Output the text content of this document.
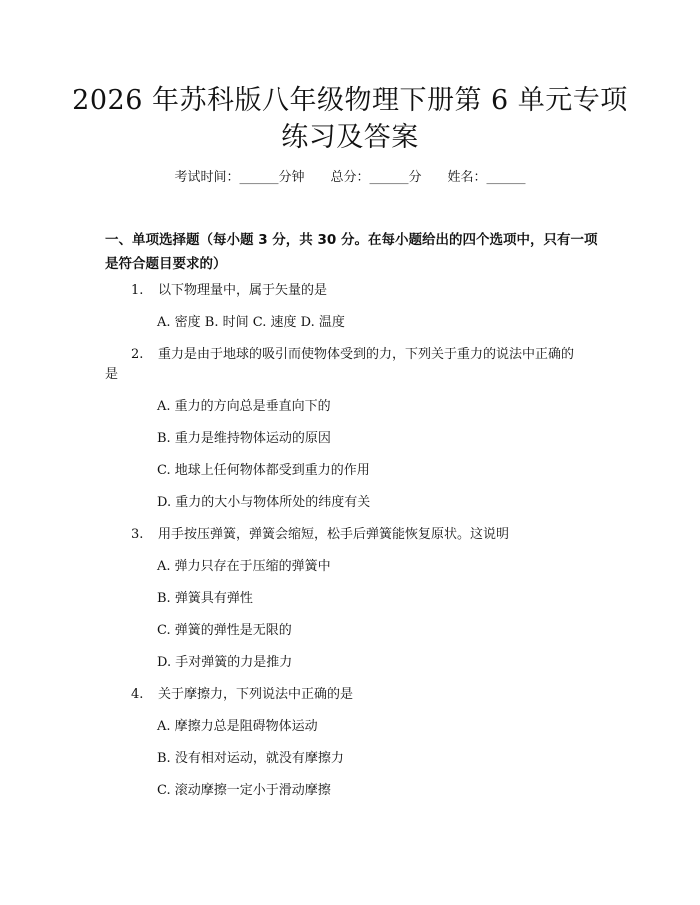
2026 年苏科版八年级物理下册第 6 单元专项
练习及答案
考试时间：______分钟 总分：______分 姓名：______
一、单项选择题（每小题 3 分，共 30 分。在每小题给出的四个选项中，只有一项
是符合题目要求的）
1. 以下物理量中，属于矢量的是
A. 密度 B. 时间 C. 速度 D. 温度
2. 重力是由于地球的吸引而使物体受到的力，下列关于重力的说法中正确的
是
A. 重力的方向总是垂直向下的
B. 重力是维持物体运动的原因
C. 地球上任何物体都受到重力的作用
D. 重力的大小与物体所处的纬度有关
3. 用手按压弹簧，弹簧会缩短，松手后弹簧能恢复原状。这说明
A. 弹力只存在于压缩的弹簧中
B. 弹簧具有弹性
C. 弹簧的弹性是无限的
D. 手对弹簧的力是推力
4. 关于摩擦力，下列说法中正确的是
A. 摩擦力总是阻碍物体运动
B. 没有相对运动，就没有摩擦力
C. 滚动摩擦一定小于滑动摩擦
